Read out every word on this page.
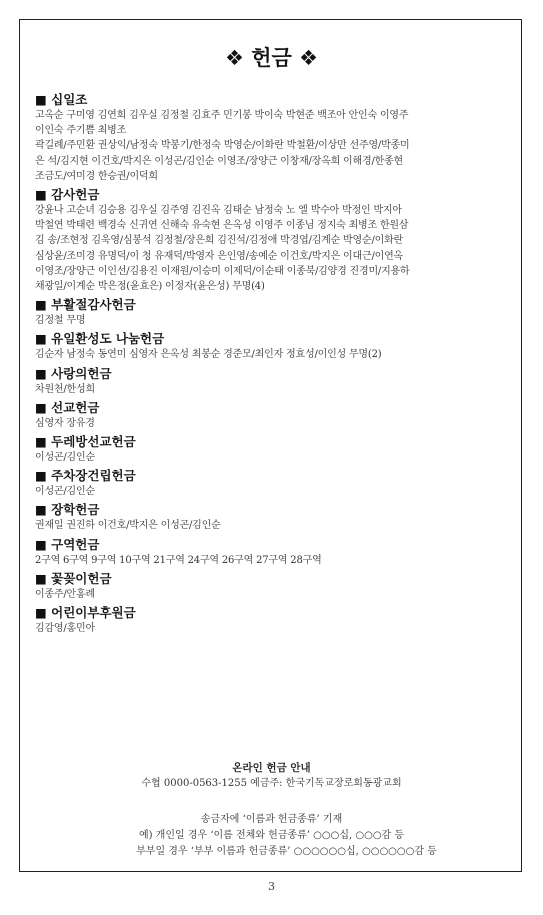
❖ 헌금 ❖
■ 십일조
고옥순 구미영 김연희 김우실 김정철 김효주 민기봉 박이숙 박현준 백조아 안인숙 이영주
이인숙 주기쁨 최병조
곽길례/주민환 권상익/남정숙 박봉기/한정숙 박영순/이화란 박철환/이상만 선주영/박종미
은 석/김지현 이건호/박지은 이성곤/김인순 이영조/장양근 이창재/장옥희 이해경/한종현
조금도/여미경 한승권/이덕희
■ 감사헌금
강윤나 고순녀 김승용 김우실 김주영 김진옥 김태순 남정숙 노 엘 박수아 박정인 박지아
박철연 박태련 백경숙 신귀연 신해숙 유숙현 은옥성 이영주 이종님 정지숙 최병조 한원삼
김 송/조현정 김욱영/심봉석 김정철/장은희 김진석/김정애 박경엽/김계순 박영순/이화란
심상윤/조미경 유명덕/이 청 유재덕/박영자 은인영/송예순 이건호/박지은 이대근/이연옥
이영조/장양근 이인선/김용진 이재원/이승미 이제덕/이순태 이종북/김양경 진경미/지용하
채광일/이계순 박은정(윤효은) 이정자(윤은성) 무명(4)
■ 부활절감사헌금
김정철 무명
■ 유일환성도 나눔헌금
김순자 남정숙 동연미 심영자 은옥성 최봉순 경준모/최인자 정효성/이인성 무명(2)
■ 사랑의헌금
차원천/한성희
■ 선교헌금
심영자 장유경
■ 두레방선교헌금
이성곤/김인순
■ 주차장건립헌금
이성곤/김인순
■ 장학헌금
권재일 권진하 이건호/박지은 이성곤/김인순
■ 구역헌금
2구역 6구역 9구역 10구역 21구역 24구역 26구역 27구역 28구역
■ 꽃꽂이헌금
이종주/안홍례
■ 어린이부후원금
김감영/홍민아
온라인 헌금 안내
수협 0000-0563-1255 예금주: 한국기독교장로회동광교회
송금자에 ‘이름과 헌금종류’ 기재
예) 개인일 경우 ‘이름 전체와 헌금종류’ ○○○십, ○○○감 등
부부일 경우 ‘부부 이름과 헌금종류’ ○○○○○○십, ○○○○○○감 등
3
